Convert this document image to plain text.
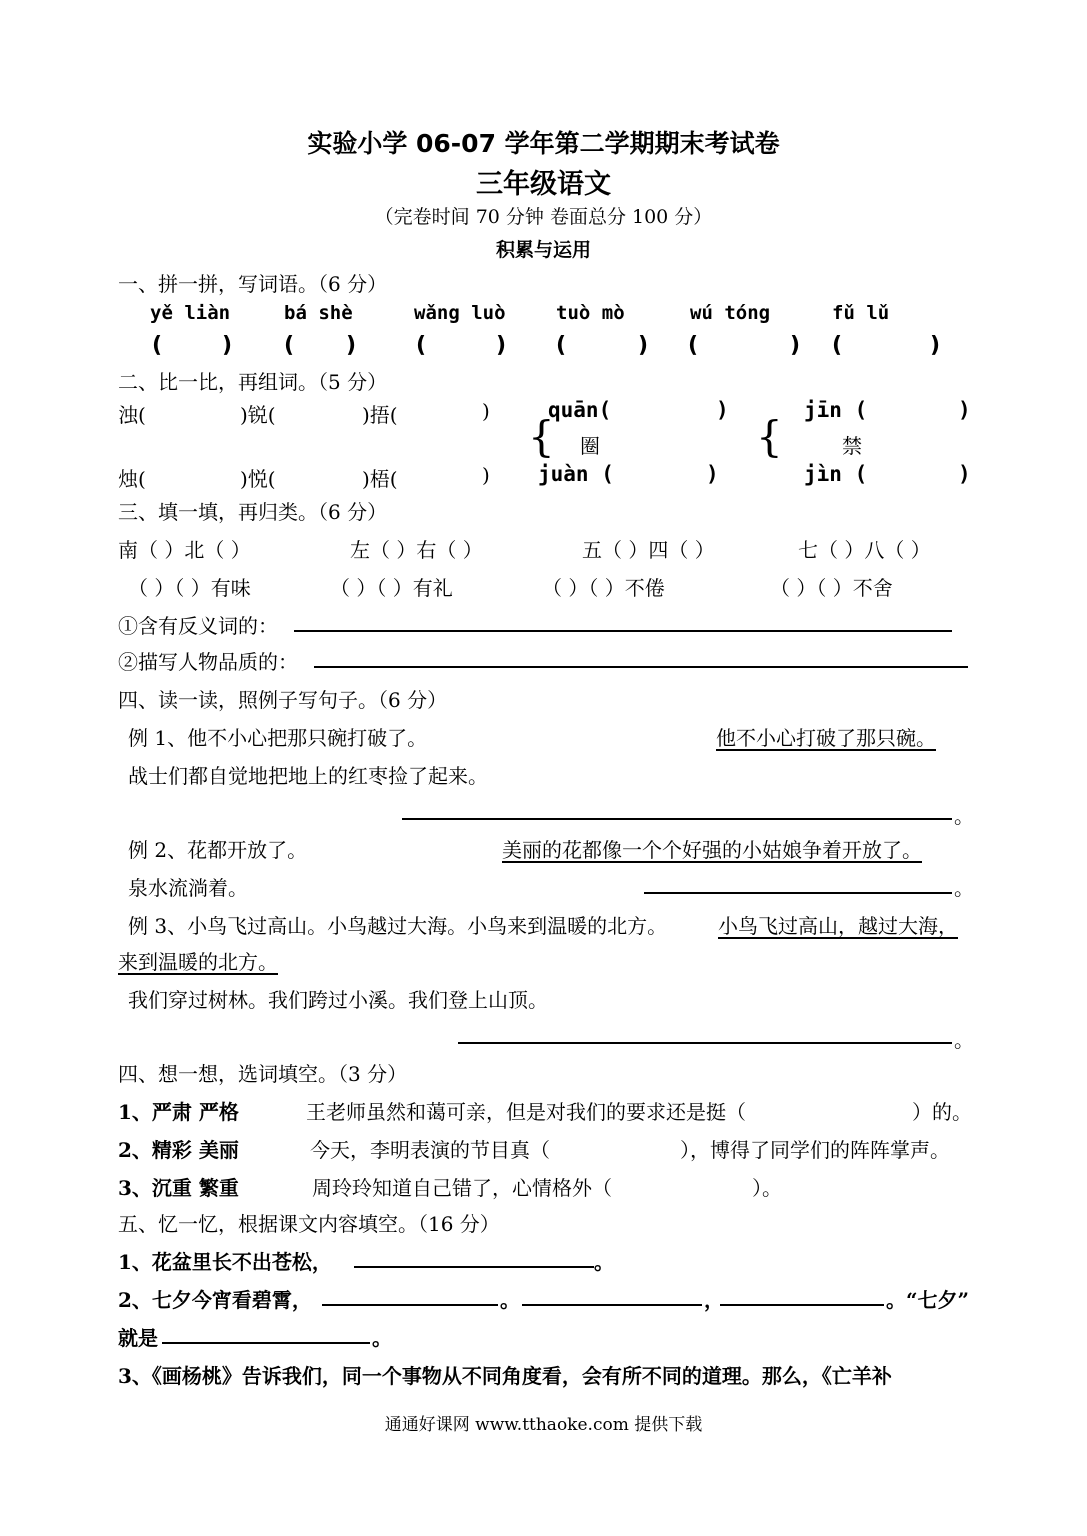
实验小学 06-07 学年第二学期期末考试卷
三年级语文
（完卷时间 70 分钟 卷面总分 100 分）
积累与运用
一、拼一拼，写词语。（6 分）
yě liàn	bá shè	wǎng luò	tuò mò	wú tóng	fǔ lǔ
(	) ( )	(	) (	) (	) (	)
二、比一比，再组词。（5 分）
浊(	)锐(	)捂(	)
烛(	)悦(	)梧(	)
quān(	)
{ 圈
juàn (	)
jīn (	)
{	禁
jìn (	)
三、填一填，再归类。（6 分）
南（ ）北（ ）	左（ ）右（ ）	五（ ）四（ ）	七（ ）八（ ）
（ ）（ ）有味	（ ）（ ）有礼	（ ）（ ）不倦	（ ）（ ）不舍
①含有反义词的：
②描写人物品质的：
四、读一读，照例子写句子。（6 分）
例 1、他不小心把那只碗打破了。	他不小心打破了那只碗。
战士们都自觉地把地上的红枣捡了起来。
。
例 2、花都开放了。	美丽的花都像一个个好强的小姑娘争着开放了。
泉水流淌着。	。
例 3、小鸟飞过高山。小鸟越过大海。小鸟来到温暖的北方。	小鸟飞过高山，越过大海，
来到温暖的北方。
我们穿过树林。我们跨过小溪。我们登上山顶。
。
四、想一想，选词填空。（3 分）
1、严肃 严格	王老师虽然和蔼可亲，但是对我们的要求还是挺（	）的。
2、精彩 美丽	今天，李明表演的节目真（	），博得了同学们的阵阵掌声。
3、沉重 繁重	周玲玲知道自己错了，心情格外（	）。
五、忆一忆，根据课文内容填空。（16 分）
1、花盆里长不出苍松，	。
2、七夕今宵看碧霄，	。	，	。“七夕”
就是	。
3、《画杨桃》告诉我们，同一个事物从不同角度看，会有所不同的道理。那么，《亡羊补
通通好课网 www.tthaoke.com 提供下载
